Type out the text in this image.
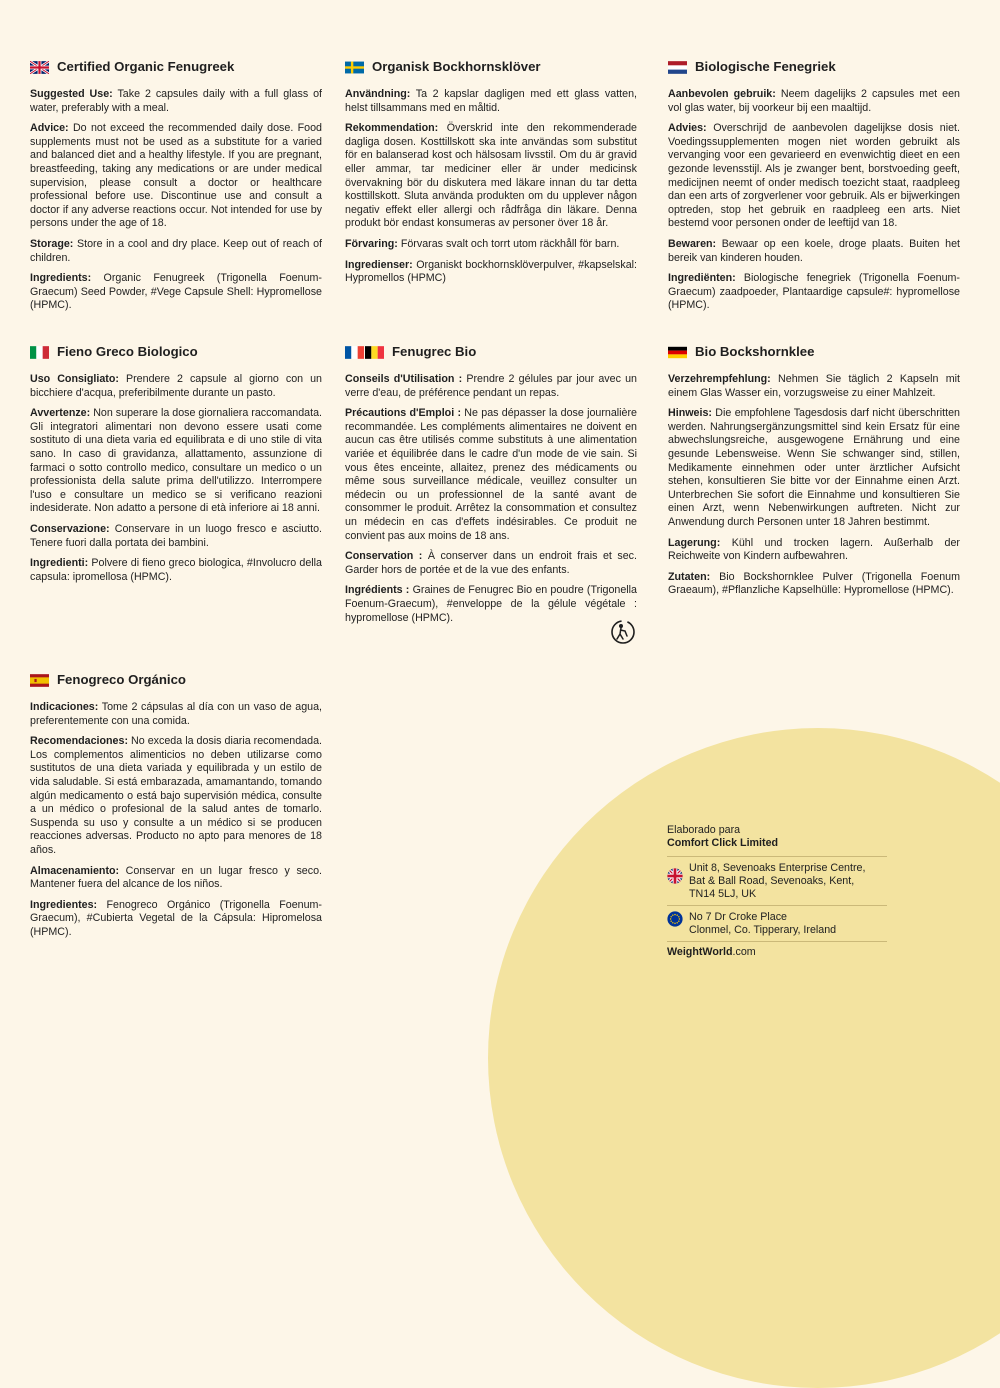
Certified Organic Fenugreek

Suggested Use: Take 2 capsules daily with a full glass of water, preferably with a meal.

Advice: Do not exceed the recommended daily dose. Food supplements must not be used as a substitute for a varied and balanced diet and a healthy lifestyle. If you are pregnant, breastfeeding, taking any medications or are under medical supervision, please consult a doctor or healthcare professional before use. Discontinue use and consult a doctor if any adverse reactions occur. Not intended for use by persons under the age of 18.

Storage: Store in a cool and dry place. Keep out of reach of children.

Ingredients: Organic Fenugreek (Trigonella Foenum-Graecum) Seed Powder, #Vege Capsule Shell: Hypromellose (HPMC).

Organisk Bockhornsklöver

Användning: Ta 2 kapslar dagligen med ett glass vatten, helst tillsammans med en måltid.

Rekommendation: Överskrid inte den rekommenderade dagliga dosen. Kosttillskott ska inte användas som substitut för en balanserad kost och hälsosam livsstil. Om du är gravid eller ammar, tar mediciner eller är under medicinsk övervakning bör du diskutera med läkare innan du tar detta kosttillskott. Sluta använda produkten om du upplever någon negativ effekt eller allergi och rådfråga din läkare. Denna produkt bör endast konsumeras av personer över 18 år.

Förvaring: Förvaras svalt och torrt utom räckhåll för barn.

Ingredienser: Organiskt bockhornsklöverpulver, #kapselskal: Hypromellos (HPMC)

Biologische Fenegriek

Aanbevolen gebruik: Neem dagelijks 2 capsules met een vol glas water, bij voorkeur bij een maaltijd.

Advies: Overschrijd de aanbevolen dagelijkse dosis niet. Voedingssupplementen mogen niet worden gebruikt als vervanging voor een gevarieerd en evenwichtig dieet en een gezonde levensstijl. Als je zwanger bent, borstvoeding geeft, medicijnen neemt of onder medisch toezicht staat, raadpleeg dan een arts of zorgverlener voor gebruik. Als er bijwerkingen optreden, stop het gebruik en raadpleeg een arts. Niet bestemd voor personen onder de leeftijd van 18.

Bewaren: Bewaar op een koele, droge plaats. Buiten het bereik van kinderen houden.

Ingrediënten: Biologische fenegriek (Trigonella Foenum-Graecum) zaadpoeder, Plantaardige capsule#: hypromellose (HPMC).

Fieno Greco Biologico

Uso Consigliato: Prendere 2 capsule al giorno con un bicchiere d'acqua, preferibilmente durante un pasto.

Avvertenze: Non superare la dose giornaliera raccomandata. Gli integratori alimentari non devono essere usati come sostituto di una dieta varia ed equilibrata e di uno stile di vita sano. In caso di gravidanza, allattamento, assunzione di farmaci o sotto controllo medico, consultare un medico o un professionista della salute prima dell'utilizzo. Interrompere l'uso e consultare un medico se si verificano reazioni indesiderate. Non adatto a persone di età inferiore ai 18 anni.

Conservazione: Conservare in un luogo fresco e asciutto. Tenere fuori dalla portata dei bambini.

Ingredienti: Polvere di fieno greco biologica, #Involucro della capsula: ipromellosa (HPMC).

Fenugrec Bio

Conseils d'Utilisation : Prendre 2 gélules par jour avec un verre d'eau, de préférence pendant un repas.

Précautions d'Emploi : Ne pas dépasser la dose journalière recommandée. Les compléments alimentaires ne doivent en aucun cas être utilisés comme substituts à une alimentation variée et équilibrée dans le cadre d'un mode de vie sain. Si vous êtes enceinte, allaitez, prenez des médicaments ou même sous surveillance médicale, veuillez consulter un médecin ou un professionnel de la santé avant de consommer le produit. Arrêtez la consommation et consultez un médecin en cas d'effets indésirables. Ce produit ne convient pas aux moins de 18 ans.

Conservation : À conserver dans un endroit frais et sec. Garder hors de portée et de la vue des enfants.

Ingrédients : Graines de Fenugrec Bio en poudre (Trigonella Foenum-Graecum), #enveloppe de la gélule végétale : hypromellose (HPMC).

Bio Bockshornklee

Verzehrempfehlung: Nehmen Sie täglich 2 Kapseln mit einem Glas Wasser ein, vorzugsweise zu einer Mahlzeit.

Hinweis: Die empfohlene Tagesdosis darf nicht überschritten werden. Nahrungsergänzungsmittel sind kein Ersatz für eine abwechslungsreiche, ausgewogene Ernährung und eine gesunde Lebensweise. Wenn Sie schwanger sind, stillen, Medikamente einnehmen oder unter ärztlicher Aufsicht stehen, konsultieren Sie bitte vor der Einnahme einen Arzt. Unterbrechen Sie sofort die Einnahme und konsultieren Sie einen Arzt, wenn Nebenwirkungen auftreten. Nicht zur Anwendung durch Personen unter 18 Jahren bestimmt.

Lagerung: Kühl und trocken lagern. Außerhalb der Reichweite von Kindern aufbewahren.

Zutaten: Bio Bockshornklee Pulver (Trigonella Foenum Graeaum), #Pflanzliche Kapselhülle: Hypromellose (HPMC).

Fenogreco Orgánico

Indicaciones: Tome 2 cápsulas al día con un vaso de agua, preferentemente con una comida.

Recomendaciones: No exceda la dosis diaria recomendada. Los complementos alimenticios no deben utilizarse como sustitutos de una dieta variada y equilibrada y un estilo de vida saludable. Si está embarazada, amamantando, tomando algún medicamento o está bajo supervisión médica, consulte a un médico o profesional de la salud antes de tomarlo. Suspenda su uso y consulte a un médico si se producen reacciones adversas. Producto no apto para menores de 18 años.

Almacenamiento: Conservar en un lugar fresco y seco. Mantener fuera del alcance de los niños.

Ingredientes: Fenogreco Orgánico (Trigonella Foenum-Graecum), #Cubierta Vegetal de la Cápsula: Hipromelosa (HPMC).

Elaborado para

Comfort Click Limited

Unit 8, Sevenoaks Enterprise Centre,
Bat & Ball Road, Sevenoaks, Kent,
TN14 5LJ, UK
No 7 Dr Croke Place
Clonmel, Co. Tipperary, Ireland
WeightWorld.com
